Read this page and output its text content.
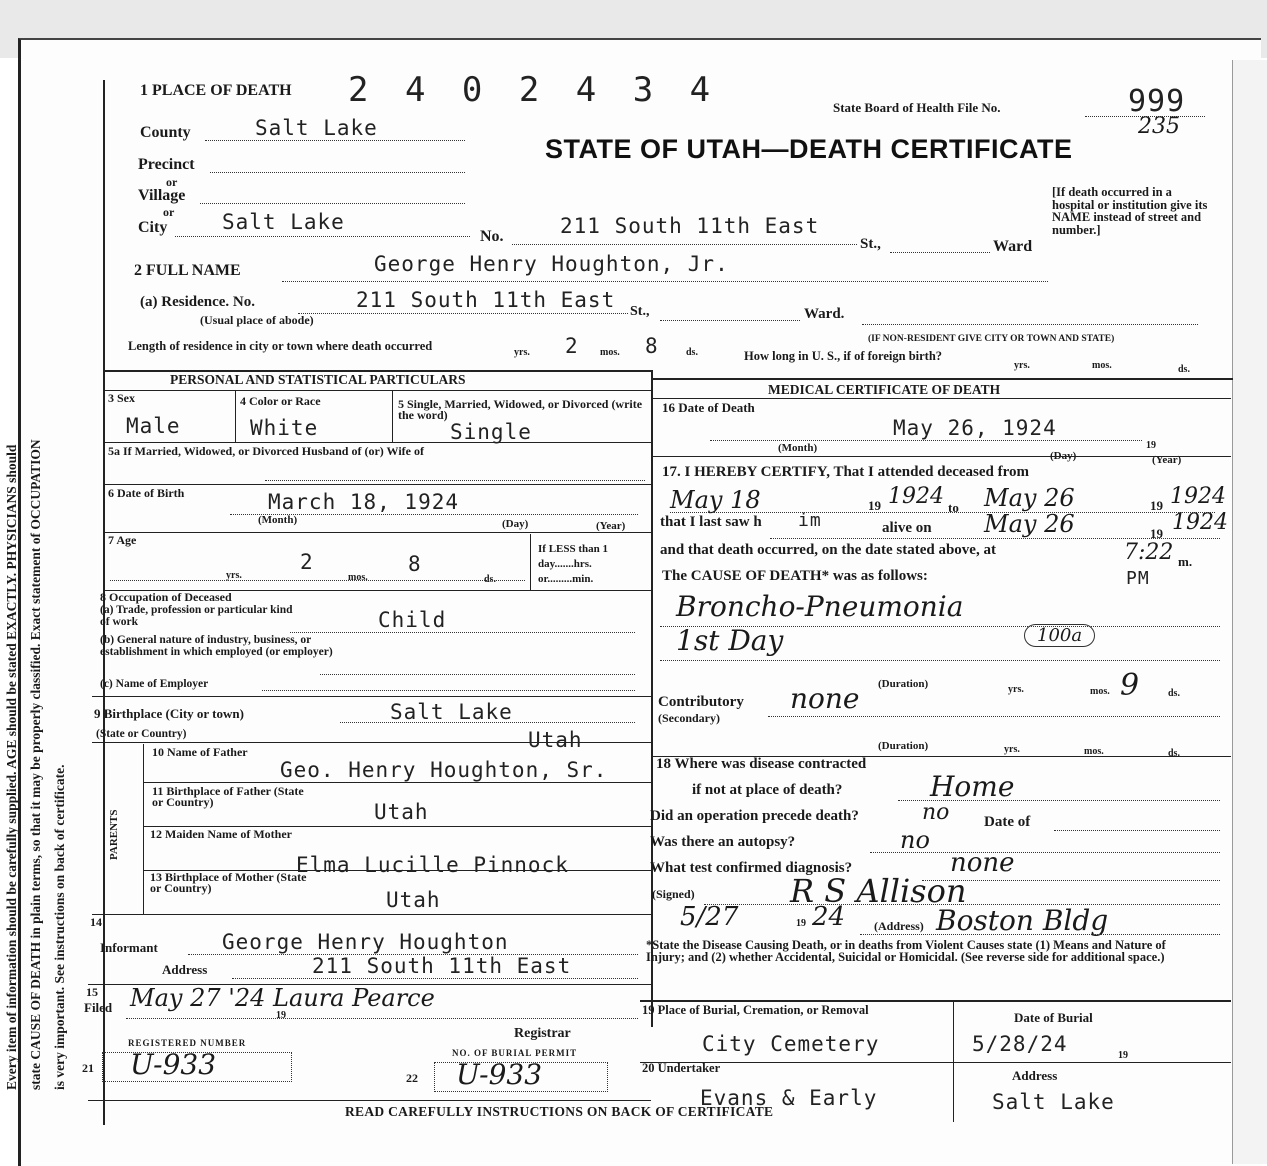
Every item of information should be carefully supplied. AGE should be stated EXACTLY. PHYSICIANS should state CAUSE OF DEATH in plain terms, so that it may be properly classified. Exact statement of OCCUPATION is very important. See instructions on back of certificate.
1 PLACE OF DEATH 2 4 0 2 4 3 4	State Board of Health File No.	999
235
STATE OF UTAH—DEATH CERTIFICATE
County	Salt Lake
Precinct
or
Village
or
City	Salt Lake
No.	211 South 11th East
St.,	Ward
[If death occurred in a hospital or institution give its NAME instead of street and number.]
2 FULL NAME	George Henry Houghton, Jr.
(a) Residence. No.	211 South 11th East St.,	Ward.
(Usual place of abode)
(IF NON-RESIDENT GIVE CITY OR TOWN AND STATE)
Length of residence in city or town where death occurred	yrs. 2 mos. 8	ds.	How long in U. S., if of foreign birth?
yrs.	mos.	ds.
PERSONAL AND STATISTICAL PARTICULARS
3 Sex
Male
4 Color or Race
White
5 Single, Married, Widowed, or Divorced (write the word)
Single
5a If Married, Widowed, or Divorced Husband of (or) Wife of
6 Date of Birth	March 18, 1924
(Month)	(Day)	(Year)
7 Age
yrs.
2
mos.
8
ds.
If LESS than 1 day.......hrs. or.........min.
8 Occupation of Deceased
(a) Trade, profession or particular kind of work	Child
(b) General nature of industry, business, or establishment in which employed (or employer)
(c) Name of Employer
9 Birthplace (City or town)	Salt Lake
(State or Country)	Utah
PARENTS
10 Name of Father
Geo. Henry Houghton, Sr.
11 Birthplace of Father (State or Country)	Utah
12 Maiden Name of Mother
Elma Lucille Pinnock
13 Birthplace of Mother (State or Country)	Utah
14
Informant	George Henry Houghton
Address	211 South 11th East
15
Filed May 27 '24 Laura Pearce
19
Registrar
REGISTERED NUMBER
21 U-933	NO. OF BURIAL PERMIT
22 U-933
MEDICAL CERTIFICATE OF DEATH
16 Date of Death
May 26, 1924
(Month)
(Day)
19
(Year)
17. I HEREBY CERTIFY, That I attended deceased from
May 18	19 1924 to May 26	19 1924
that I last saw h im	alive on May 26	19 1924
and that death occurred, on the date stated above, at	7:22 m.
The CAUSE OF DEATH* was as follows:	PM
Broncho-Pneumonia
1st Day	100a
(Duration)	yrs.	mos. 9	ds.
Contributory
(Secondary)
none
(Duration)	yrs.	mos.	ds.
18 Where was disease contracted
if not at place of death?	Home
Did an operation precede death?	no Date of
Was there an autopsy?	no
What test confirmed diagnosis?	none
(Signed)	R S Allison
5/27	19 24 (Address) Boston Bldg
*State the Disease Causing Death, or in deaths from Violent Causes state (1) Means and Nature of Injury; and (2) whether Accidental, Suicidal or Homicidal. (See reverse side for additional space.)
19 Place of Burial, Cremation, or Removal
City Cemetery
Date of Burial
5/28/24	19
20 Undertaker
Evans & Early
Address
Salt Lake
READ CAREFULLY INSTRUCTIONS ON BACK OF CERTIFICATE
